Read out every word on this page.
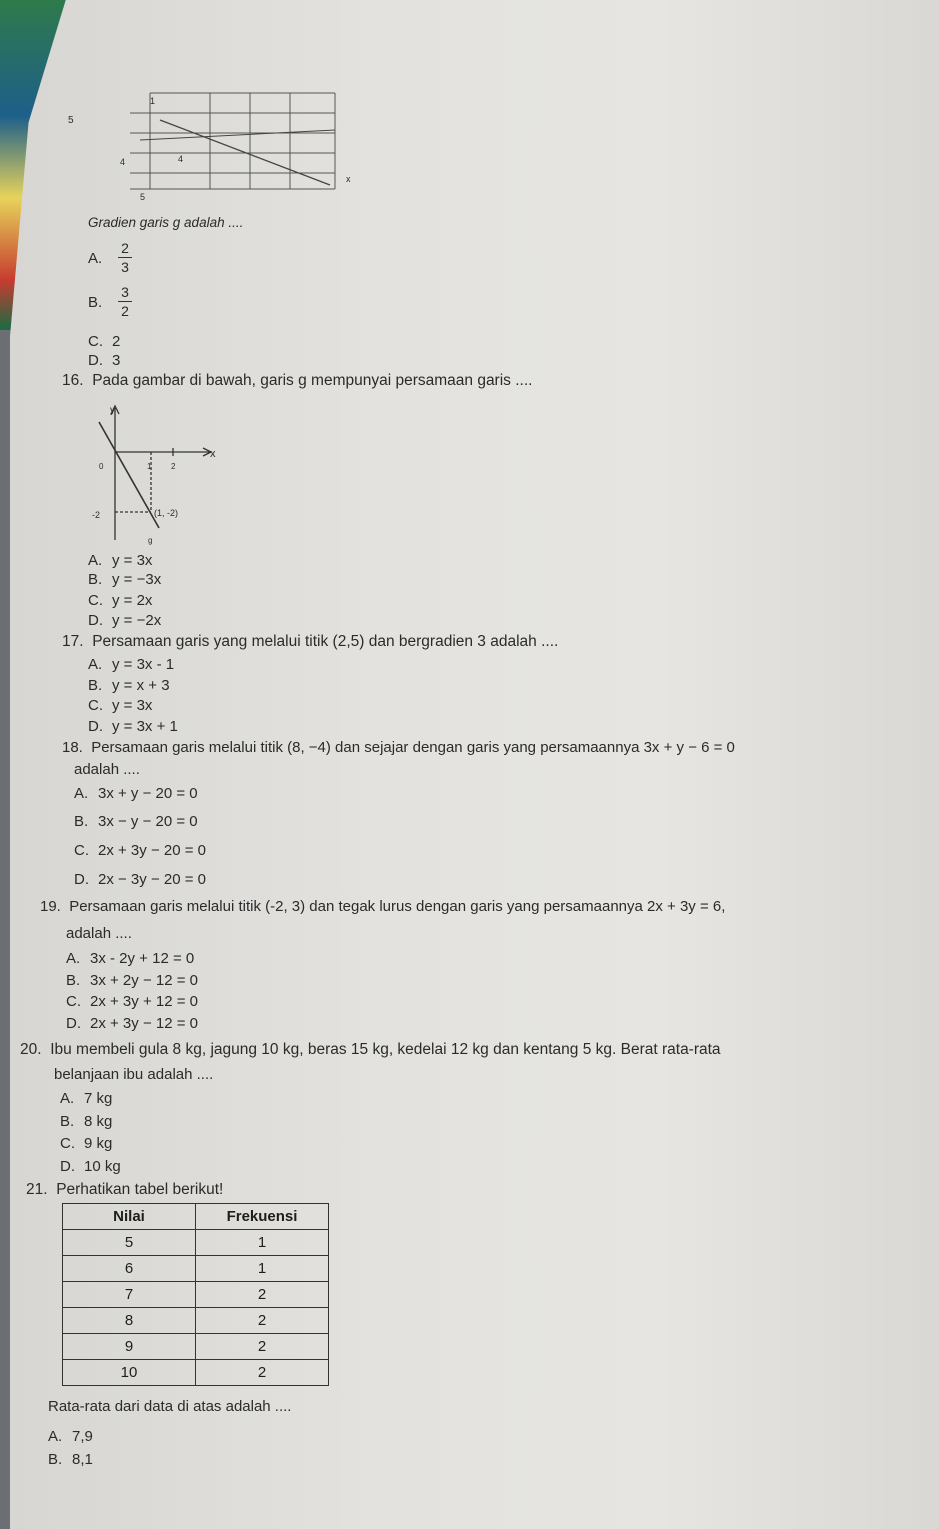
1
5
4	4
5
x
Gradien garis g adalah ....
A.
2
3
B.
3
2
C. 2
D. 3
16. Pada gambar di bawah, garis g mempunyai persamaan garis ....
y
x
0	1 2
-2	(1, -2)
g
A. y = 3x
B. y = −3x
C. y = 2x
D. y = −2x
17. Persamaan garis yang melalui titik (2,5) dan bergradien 3 adalah ....
A. y = 3x - 1
B. y = x + 3
C. y = 3x
D. y = 3x + 1
18. Persamaan garis melalui titik (8, −4) dan sejajar dengan garis yang persamaannya 3x + y − 6 = 0
adalah ....
A. 3x + y − 20 = 0
B. 3x − y − 20 = 0
C. 2x + 3y − 20 = 0
D. 2x − 3y − 20 = 0
19. Persamaan garis melalui titik (-2, 3) dan tegak lurus dengan garis yang persamaannya 2x + 3y = 6,
adalah ....
A. 3x - 2y + 12 = 0
B. 3x + 2y − 12 = 0
C. 2x + 3y + 12 = 0
D. 2x + 3y − 12 = 0
20. Ibu membeli gula 8 kg, jagung 10 kg, beras 15 kg, kedelai 12 kg dan kentang 5 kg. Berat rata-rata
belanjaan ibu adalah ....
A. 7 kg
B. 8 kg
C. 9 kg
D. 10 kg
21. Perhatikan tabel berikut!
Nilai	Frekuensi
5	1
6	1
7	2
8	2
9	2
10	2
Rata-rata dari data di atas adalah ....
A. 7,9
B. 8,1
